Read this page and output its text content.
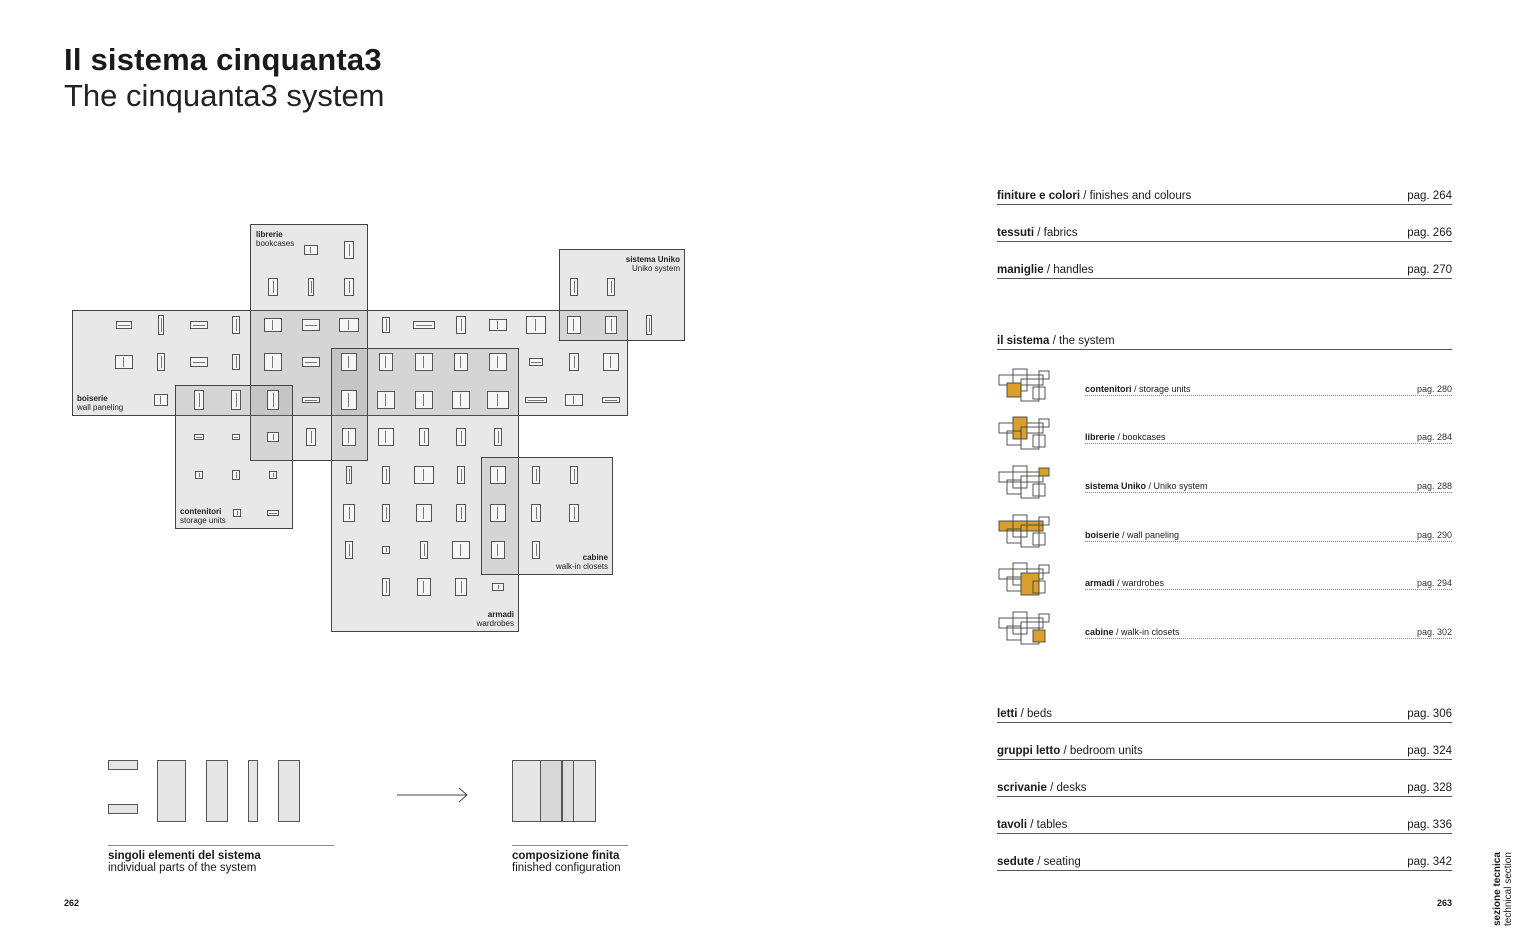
Il sistema cinquanta3
The cinquanta3 system
librerie
bookcases
sistema Uniko
Uniko system
boiserie
wall paneling
contenitori
storage units
cabine
walk-in closets
armadi
wardrobes
singoli elementi del sistema
individual parts of the system
composizione finita
finished configuration
262	263
finiture e colori / finishes and colours	pag. 264
tessuti / fabrics	pag. 266
maniglie / handles	pag. 270
il sistema / the system
contenitori / storage units	pag. 280
librerie / bookcases	pag. 284
sistema Uniko / Uniko system	pag. 288
boiserie / wall paneling	pag. 290
armadi / wardrobes	pag. 294
cabine / walk-in closets	pag. 302
letti / beds	pag. 306
gruppi letto / bedroom units	pag. 324
scrivanie / desks	pag. 328
tavoli / tables	pag. 336
sedute / seating	pag. 342	sezione tecnica technical section
